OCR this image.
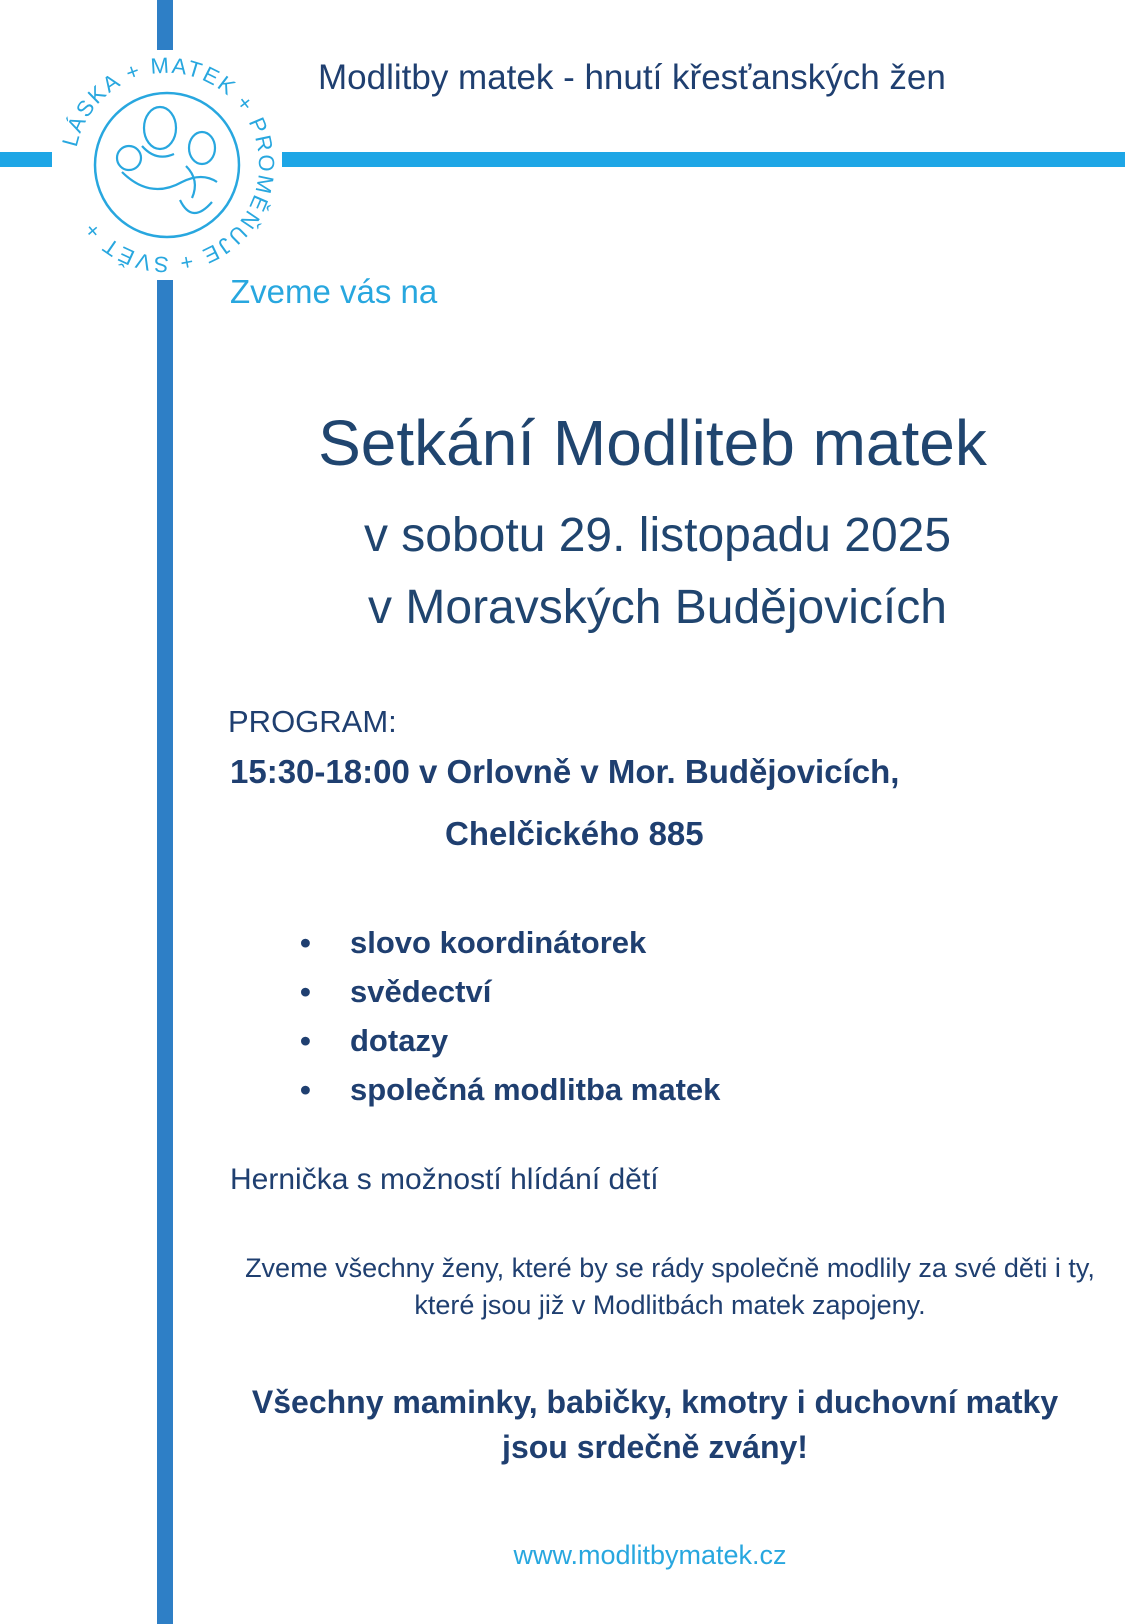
LÁSKA + MATEK + PROMĚŇUJE + SVĚT +
Modlitby matek - hnutí křesťanských žen
Zveme vás na
Setkání Modliteb matek
v sobotu 29. listopadu 2025
v Moravských Budějovicích
PROGRAM:
15:30-18:00 v Orlovně v Mor. Budějovicích,
Chelčického 885
• slovo koordinátorek
• svědectví
• dotazy
• společná modlitba matek
Hernička s možností hlídání dětí
Zveme všechny ženy, které by se rády společně modlily za své děti i ty, které jsou již v Modlitbách matek zapojeny.
Všechny maminky, babičky, kmotry i duchovní matky jsou srdečně zvány!
www.modlitbymatek.cz
